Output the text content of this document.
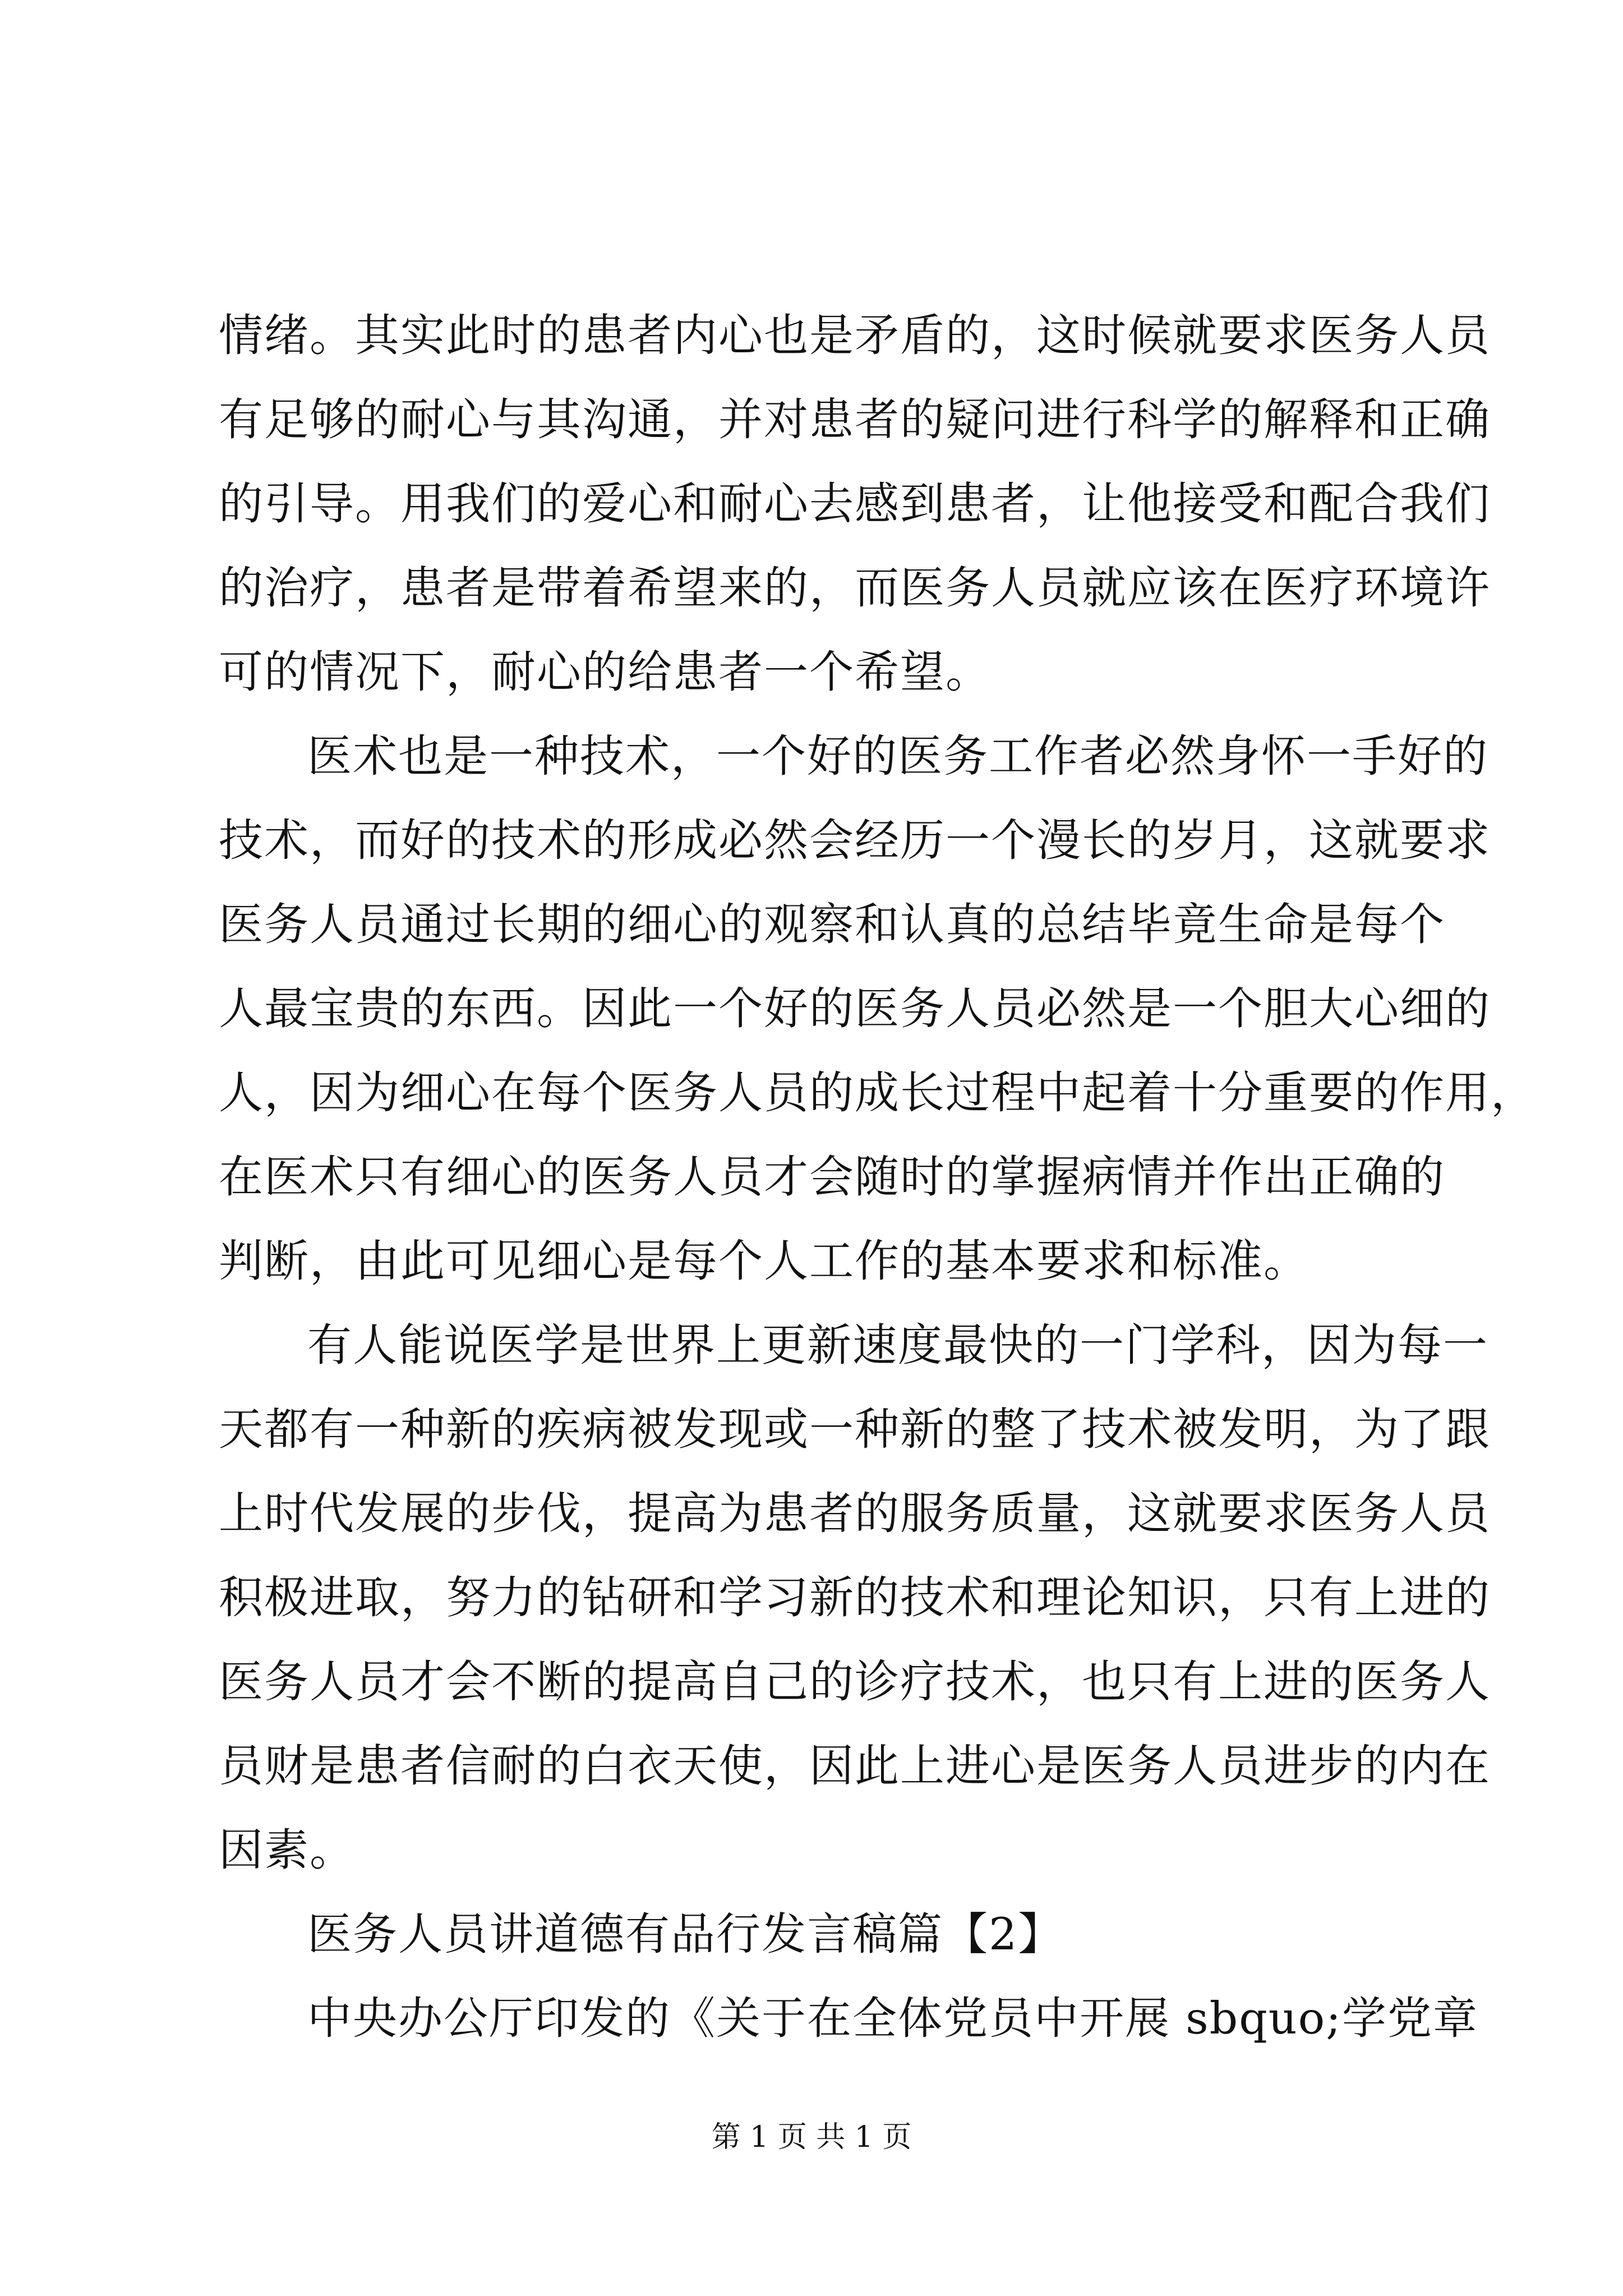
情绪。其实此时的患者内心也是矛盾的，这时候就要求医务人员
有足够的耐心与其沟通，并对患者的疑问进行科学的解释和正确
的引导。用我们的爱心和耐心去感到患者，让他接受和配合我们
的治疗，患者是带着希望来的，而医务人员就应该在医疗环境许
可的情况下，耐心的给患者一个希望。
医术也是一种技术，一个好的医务工作者必然身怀一手好的
技术，而好的技术的形成必然会经历一个漫长的岁月，这就要求
医务人员通过长期的细心的观察和认真的总结毕竟生命是每个
人最宝贵的东西。因此一个好的医务人员必然是一个胆大心细的
人，因为细心在每个医务人员的成长过程中起着十分重要的作用，
在医术只有细心的医务人员才会随时的掌握病情并作出正确的
判断，由此可见细心是每个人工作的基本要求和标准。
有人能说医学是世界上更新速度最快的一门学科，因为每一
天都有一种新的疾病被发现或一种新的整了技术被发明，为了跟
上时代发展的步伐，提高为患者的服务质量，这就要求医务人员
积极进取，努力的钻研和学习新的技术和理论知识，只有上进的
医务人员才会不断的提高自己的诊疗技术，也只有上进的医务人
员财是患者信耐的白衣天使，因此上进心是医务人员进步的内在
因素。
医务人员讲道德有品行发言稿篇【2】
中央办公厅印发的《关于在全体党员中开展 sbquo;学党章
第 1 页 共 1 页
